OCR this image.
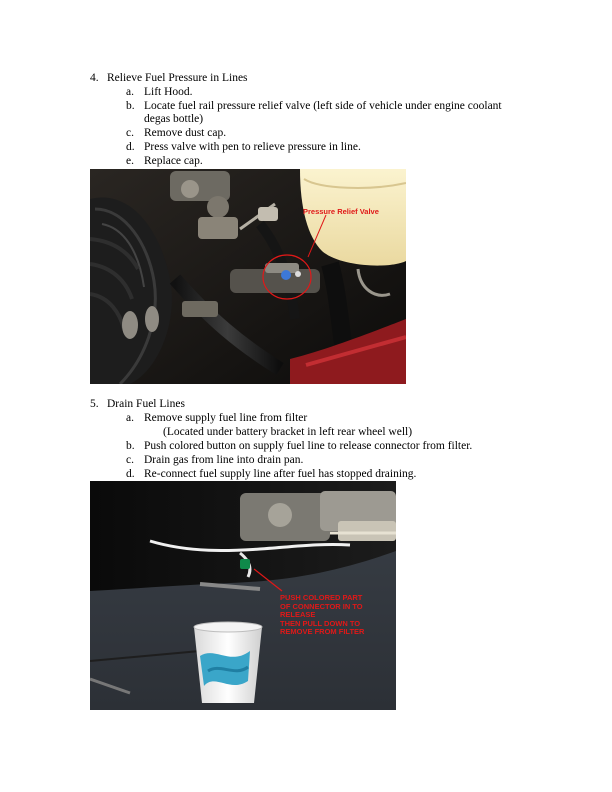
4. Relieve Fuel Pressure in Lines
a. Lift Hood.
b. Locate fuel rail pressure relief valve (left side of vehicle under engine coolant
degas bottle)
c. Remove dust cap.
d. Press valve with pen to relieve pressure in line.
e. Replace cap.
Pressure Relief Valve
5. Drain Fuel Lines
a. Remove supply fuel line from filter
(Located under battery bracket in left rear wheel well)
b. Push colored button on supply fuel line to release connector from filter.
c. Drain gas from line into drain pan.
d. Re-connect fuel supply line after fuel has stopped draining.
PUSH COLORED PART
OF CONNECTOR IN TO
RELEASE
THEN PULL DOWN TO
REMOVE FROM FILTER
